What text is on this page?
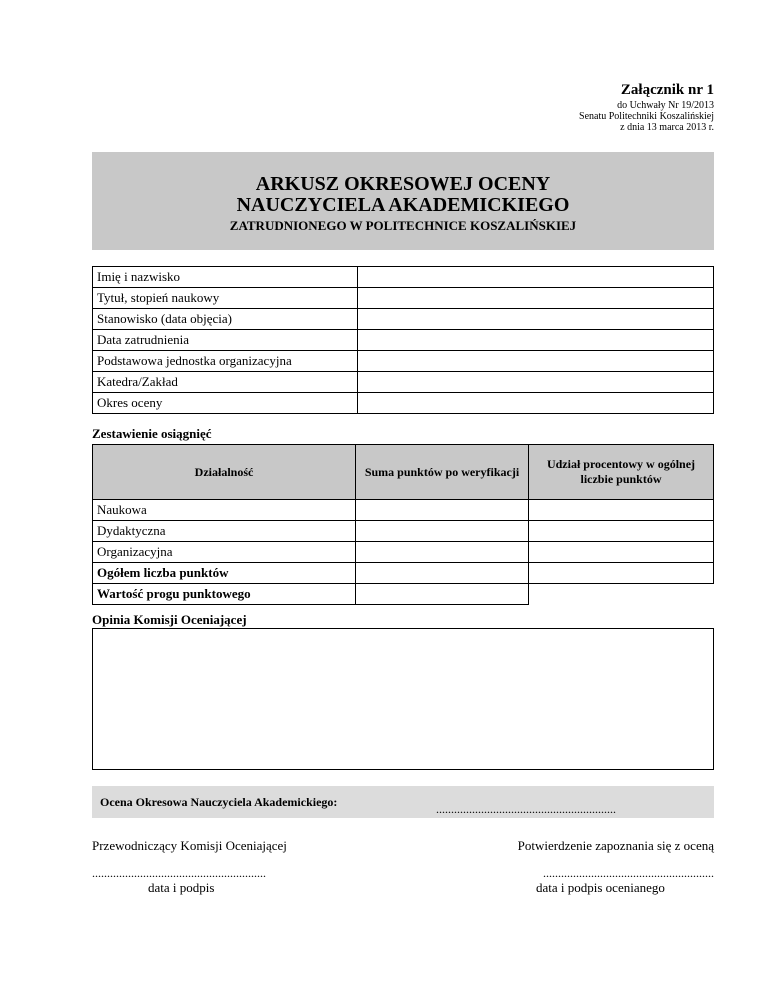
Załącznik nr 1
do Uchwały Nr 19/2013
Senatu Politechniki Koszalińskiej
z dnia 13 marca 2013 r.
ARKUSZ OKRESOWEJ OCENY
NAUCZYCIELA AKADEMICKIEGO
ZATRUDNIONEGO W POLITECHNICE KOSZALIŃSKIEJ
Imię i nazwisko	
Tytuł, stopień naukowy	
Stanowisko (data objęcia)	
Data zatrudnienia	
Podstawowa jednostka organizacyjna	
Katedra/Zakład	
Okres oceny	
Zestawienie osiągnięć
Działalność	Suma punktów po weryfikacji	Udział procentowy w ogólnej liczbie punktów
Naukowa		
Dydaktyczna		
Organizacyjna		
Ogółem liczba punktów		
Wartość progu punktowego		
Opinia Komisji Oceniającej
Ocena Okresowa Nauczyciela Akademickiego:	............................................................
Przewodniczący Komisji Oceniającej
..........................................................
data i podpis
Potwierdzenie zapoznania się z oceną
.........................................................
data i podpis ocenianego
